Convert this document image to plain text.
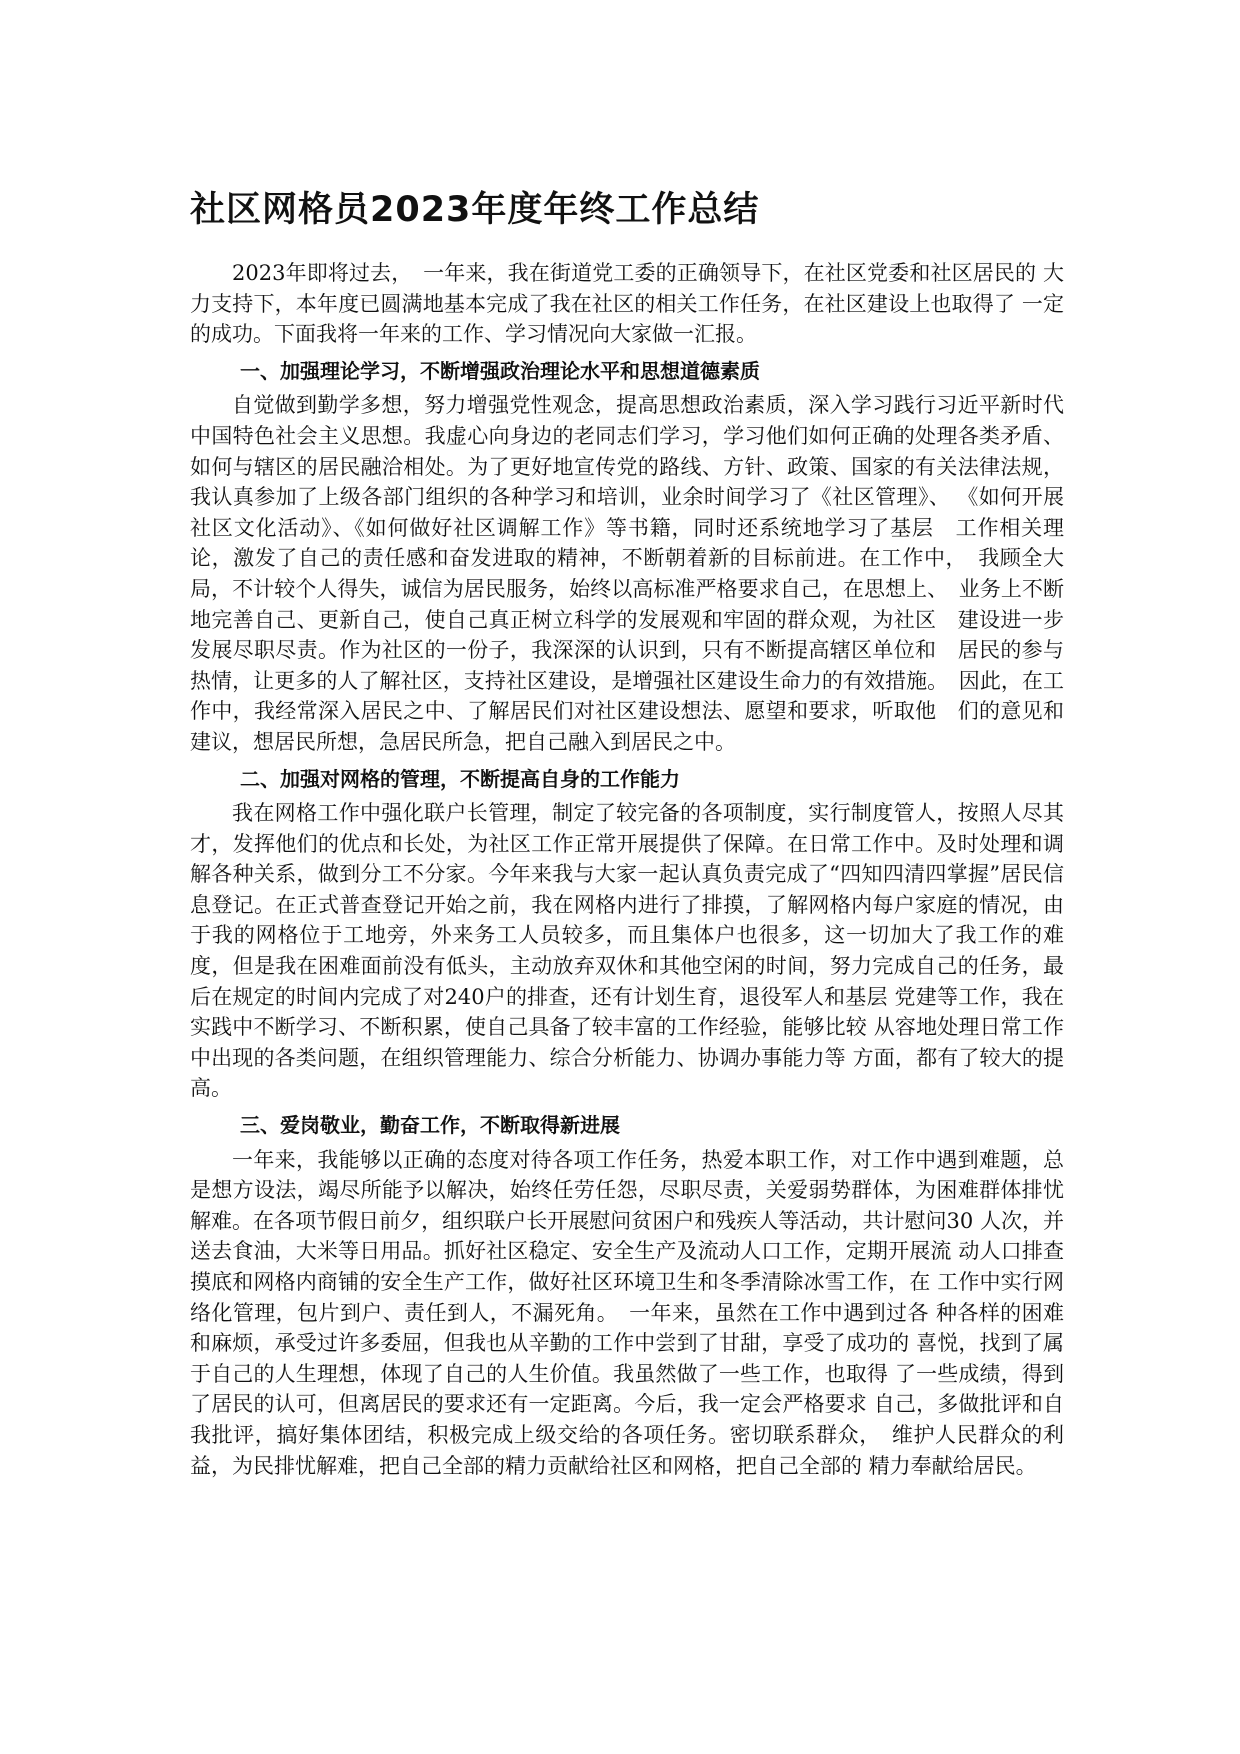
社区网格员2023年度年终工作总结

2023年即将过去，　一年来，我在街道党工委的正确领导下，在社区党委和社区居民的 大力支持下，本年度已圆满地基本完成了我在社区的相关工作任务，在社区建设上也取得了 一定的成功。下面我将一年来的工作、学习情况向大家做一汇报。

一、加强理论学习，不断增强政治理论水平和思想道德素质

自觉做到勤学多想，努力增强党性观念，提高思想政治素质，深入学习践行习近平新时代中国特色社会主义思想。我虚心向身边的老同志们学习，学习他们如何正确的处理各类矛盾、如何与辖区的居民融洽相处。为了更好地宣传党的路线、方针、政策、国家的有关法律法规，我认真参加了上级各部门组织的各种学习和培训，业余时间学习了《社区管理》、 《如何开展社区文化活动》、《如何做好社区调解工作》等书籍，同时还系统地学习了基层　工作相关理论，激发了自己的责任感和奋发进取的精神，不断朝着新的目标前进。在工作中，　我顾全大局，不计较个人得失，诚信为居民服务，始终以高标准严格要求自己，在思想上、　业务上不断地完善自己、更新自己，使自己真正树立科学的发展观和牢固的群众观，为社区　建设进一步发展尽职尽责。作为社区的一份子，我深深的认识到，只有不断提高辖区单位和　居民的参与热情，让更多的人了解社区，支持社区建设，是增强社区建设生命力的有效措施。　因此，在工作中，我经常深入居民之中、了解居民们对社区建设想法、愿望和要求，听取他　们的意见和建议，想居民所想，急居民所急，把自己融入到居民之中。

二、加强对网格的管理，不断提高自身的工作能力

我在网格工作中强化联户长管理，制定了较完备的各项制度，实行制度管人，按照人尽其才，发挥他们的优点和长处，为社区工作正常开展提供了保障。在日常工作中。及时处理和调解各种关系，做到分工不分家。今年来我与大家一起认真负责完成了“四知四清四掌握”居民信息登记。在正式普查登记开始之前，我在网格内进行了排摸，了解网格内每户家庭的情况，由于我的网格位于工地旁，外来务工人员较多，而且集体户也很多，这一切加大了我工作的难度，但是我在困难面前没有低头，主动放弃双休和其他空闲的时间，努力完成自己的任务，最后在规定的时间内完成了对240户的排查，还有计划生育，退役军人和基层 党建等工作，我在实践中不断学习、不断积累，使自己具备了较丰富的工作经验，能够比较 从容地处理日常工作中出现的各类问题，在组织管理能力、综合分析能力、协调办事能力等 方面，都有了较大的提高。

三、爱岗敬业，勤奋工作，不断取得新进展

一年来，我能够以正确的态度对待各项工作任务，热爱本职工作，对工作中遇到难题，总是想方设法，竭尽所能予以解决，始终任劳任怨，尽职尽责，关爱弱势群体，为困难群体排忧解难。在各项节假日前夕，组织联户长开展慰问贫困户和残疾人等活动，共计慰问30 人次，并送去食油，大米等日用品。抓好社区稳定、安全生产及流动人口工作，定期开展流 动人口排查摸底和网格内商铺的安全生产工作，做好社区环境卫生和冬季清除冰雪工作，在 工作中实行网络化管理，包片到户、责任到人，不漏死角。　一年来，虽然在工作中遇到过各 种各样的困难和麻烦，承受过许多委屈，但我也从辛勤的工作中尝到了甘甜，享受了成功的 喜悦，找到了属于自己的人生理想，体现了自己的人生价值。我虽然做了一些工作，也取得 了一些成绩，得到了居民的认可，但离居民的要求还有一定距离。今后，我一定会严格要求 自己，多做批评和自我批评，搞好集体团结，积极完成上级交给的各项任务。密切联系群众，　维护人民群众的利益，为民排忧解难，把自己全部的精力贡献给社区和网格，把自己全部的 精力奉献给居民。
